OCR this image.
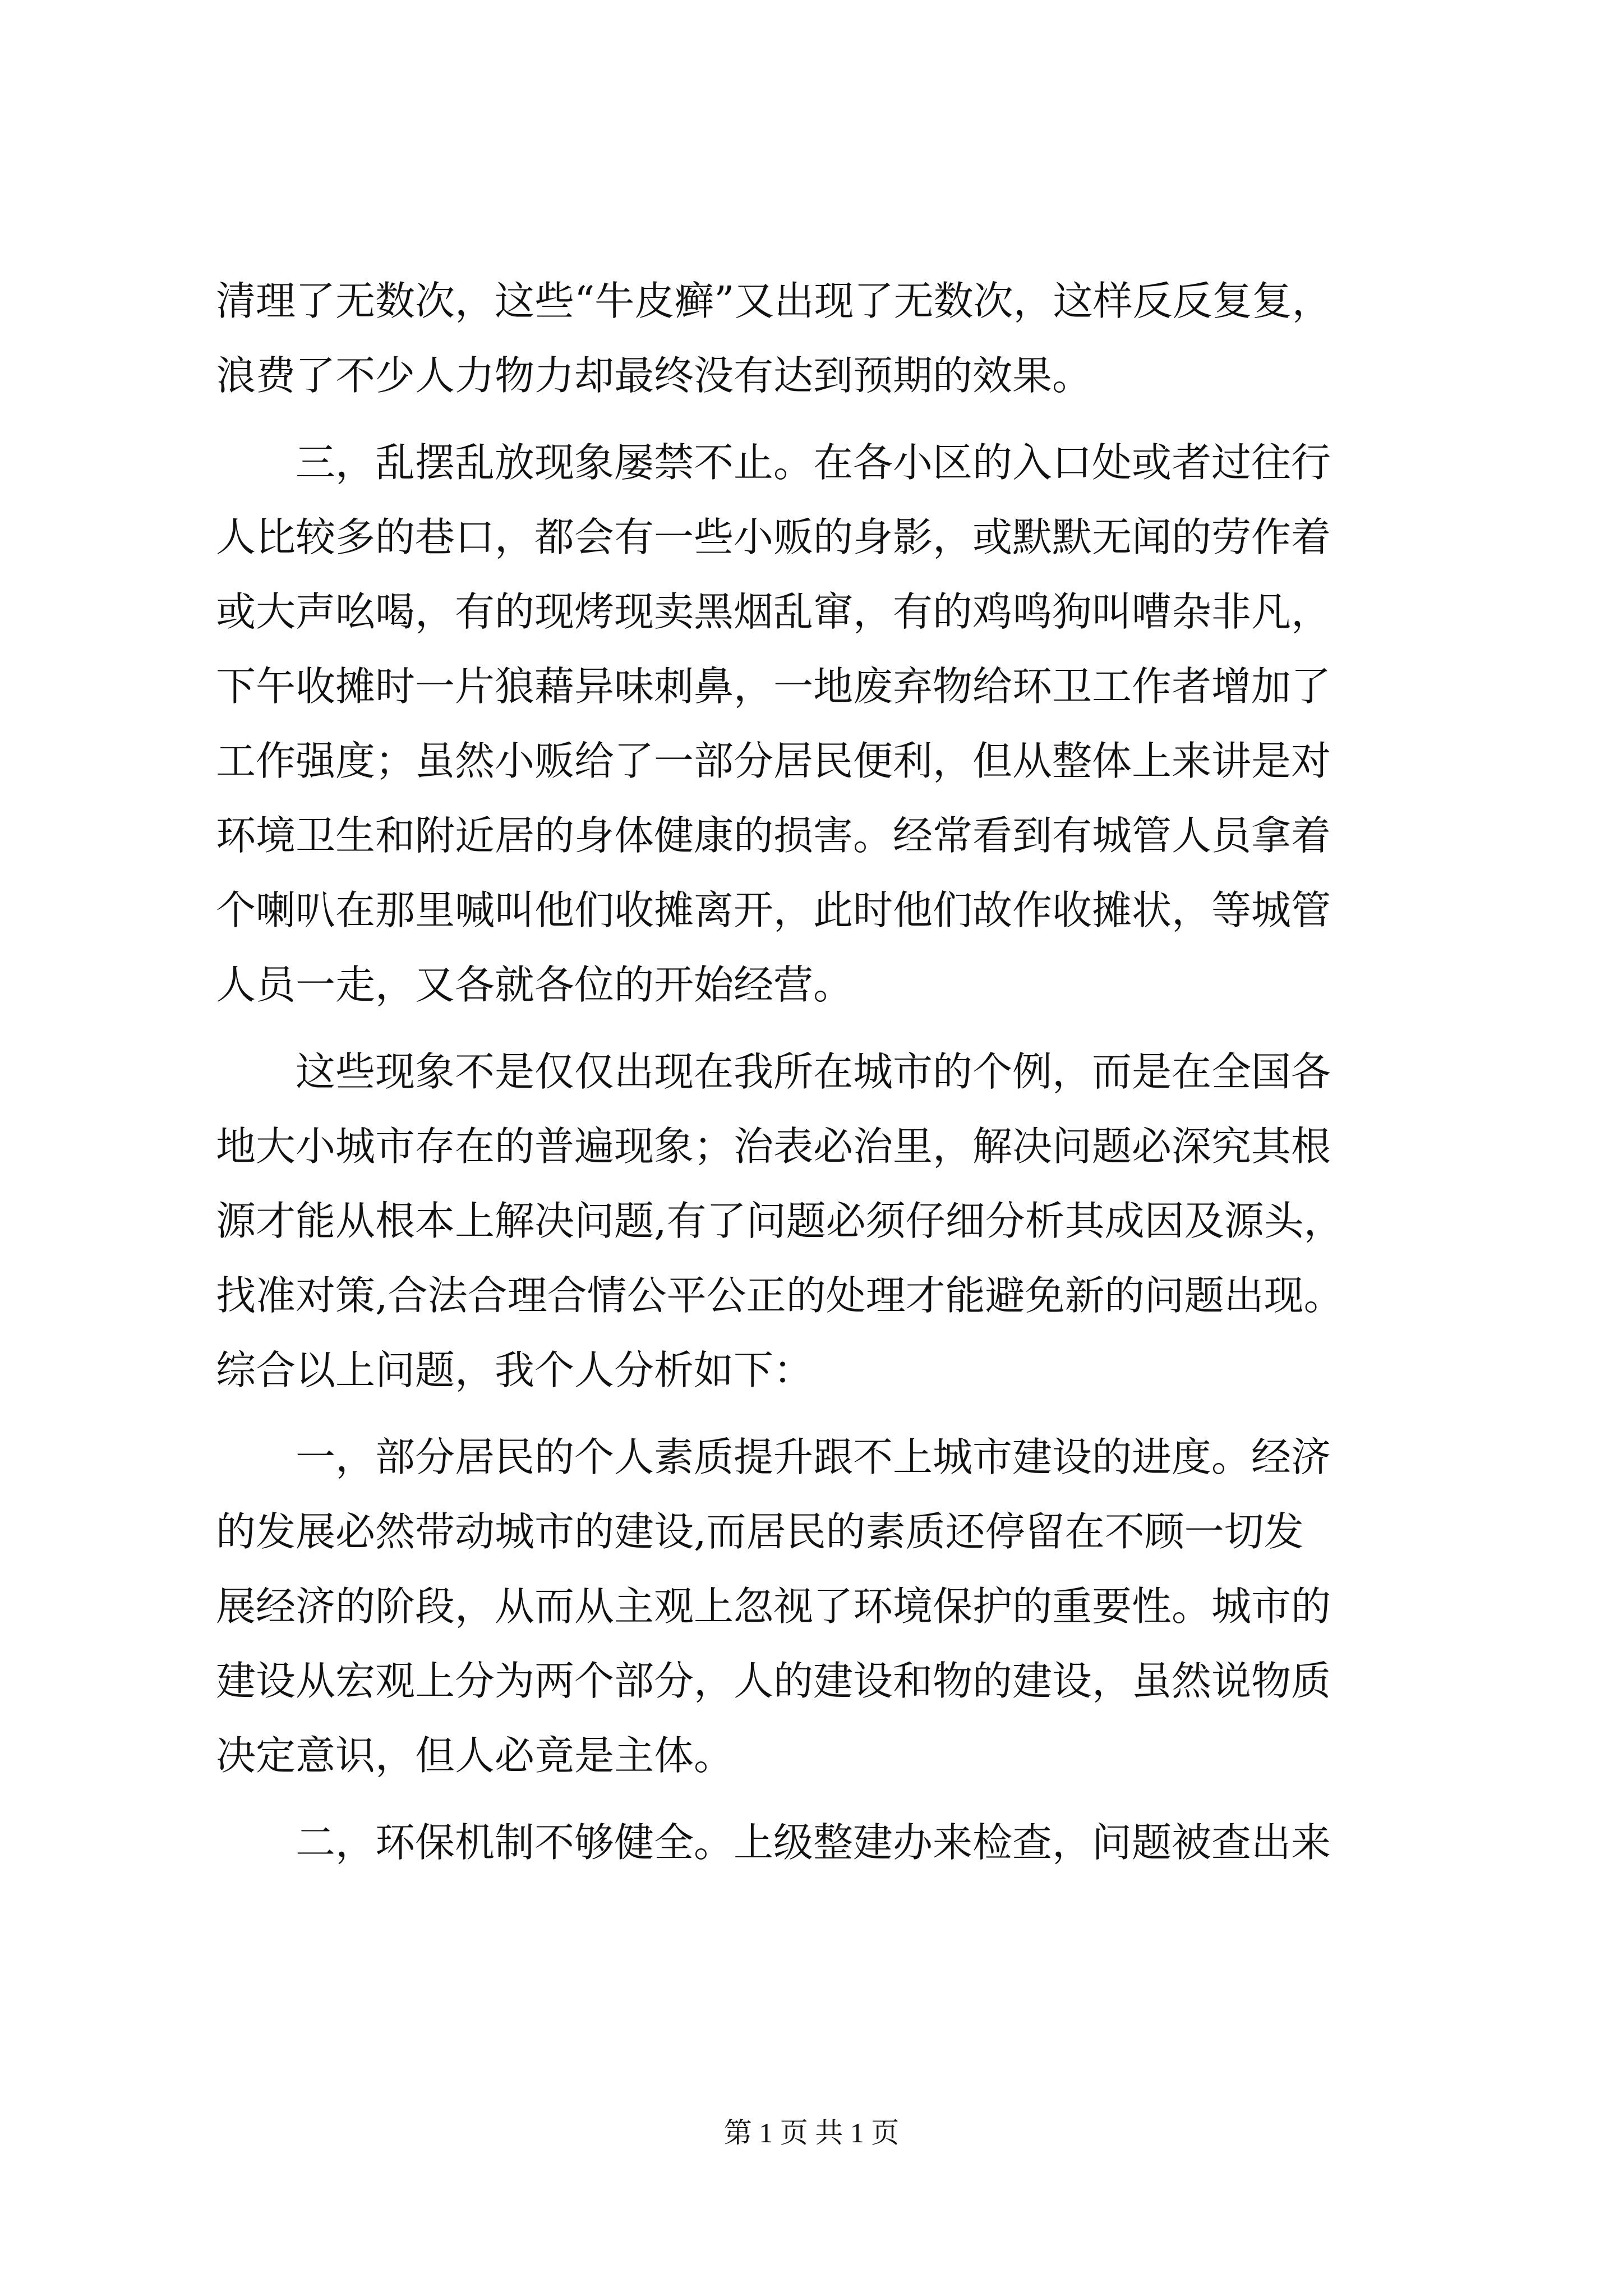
清理了无数次，这些“牛皮癣”又出现了无数次，这样反反复复，
浪费了不少人力物力却最终没有达到预期的效果。
三，乱摆乱放现象屡禁不止。在各小区的入口处或者过往行
人比较多的巷口，都会有一些小贩的身影，或默默无闻的劳作着
或大声吆喝，有的现烤现卖黑烟乱窜，有的鸡鸣狗叫嘈杂非凡，
下午收摊时一片狼藉异味刺鼻，一地废弃物给环卫工作者增加了
工作强度；虽然小贩给了一部分居民便利，但从整体上来讲是对
环境卫生和附近居的身体健康的损害。经常看到有城管人员拿着
个喇叭在那里喊叫他们收摊离开，此时他们故作收摊状，等城管
人员一走，又各就各位的开始经营。
这些现象不是仅仅出现在我所在城市的个例，而是在全国各
地大小城市存在的普遍现象；治表必治里，解决问题必深究其根
源才能从根本上解决问题,有了问题必须仔细分析其成因及源头，
找准对策,合法合理合情公平公正的处理才能避免新的问题出现。
综合以上问题，我个人分析如下：
一，部分居民的个人素质提升跟不上城市建设的进度。经济
的发展必然带动城市的建设,而居民的素质还停留在不顾一切发
展经济的阶段，从而从主观上忽视了环境保护的重要性。城市的
建设从宏观上分为两个部分，人的建设和物的建设，虽然说物质
决定意识，但人必竟是主体。
二，环保机制不够健全。上级整建办来检查，问题被查出来
第 1 页 共 1 页
